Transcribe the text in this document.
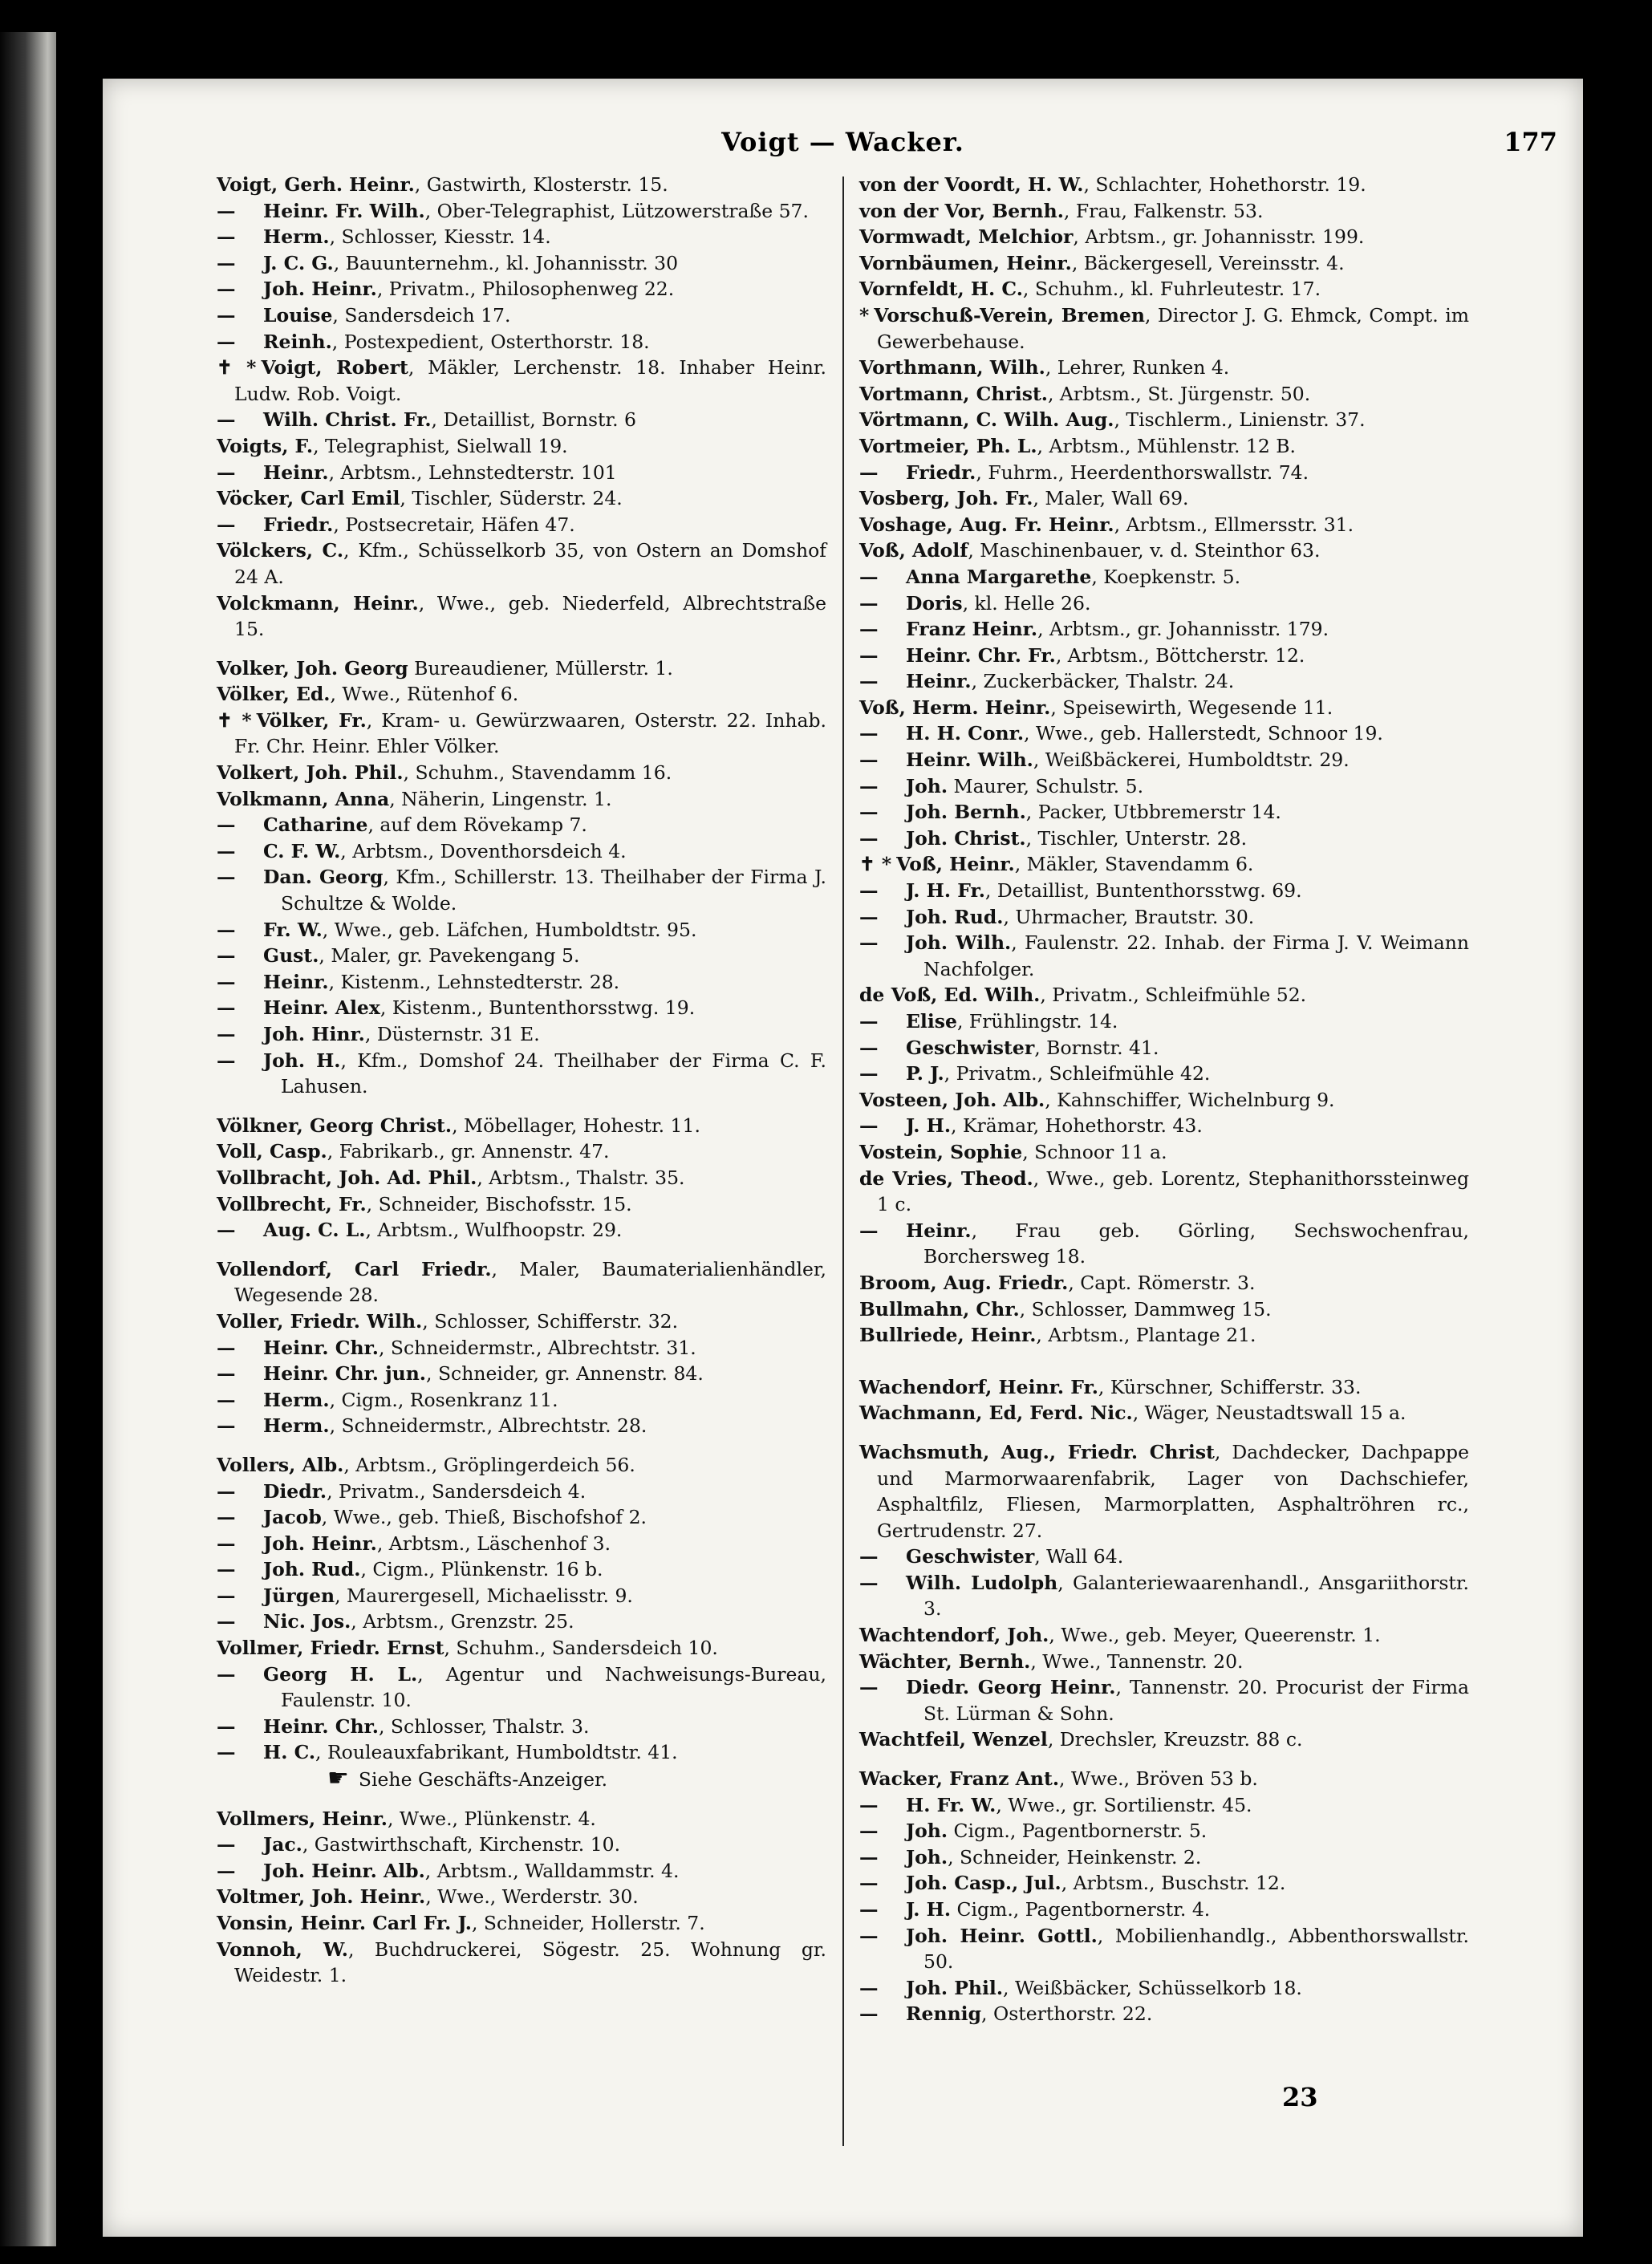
Voigt — Wacker.	177
Voigt, Gerh. Heinr., Gastwirth, Klosterstr. 15.
— Heinr. Fr. Wilh., Ober-Telegraphist, Lützowerstraße 57.
— Herm., Schlosser, Kiesstr. 14.
— J. C. G., Bauunternehm., kl. Johannisstr. 30
— Joh. Heinr., Privatm., Philosophenweg 22.
— Louise, Sandersdeich 17.
— Reinh., Postexpedient, Osterthorstr. 18.
✝ * Voigt, Robert, Mäkler, Lerchenstr. 18. Inhaber Heinr. Ludw. Rob. Voigt.
— Wilh. Christ. Fr., Detaillist, Bornstr. 6
Voigts, F., Telegraphist, Sielwall 19.
— Heinr., Arbtsm., Lehnstedterstr. 101
Vöcker, Carl Emil, Tischler, Süderstr. 24.
— Friedr., Postsecretair, Häfen 47.
Völckers, C., Kfm., Schüsselkorb 35, von Ostern an Domshof 24 A.
Volckmann, Heinr., Wwe., geb. Niederfeld, Albrechtstraße 15.
Volker, Joh. Georg Bureaudiener, Müllerstr. 1.
Völker, Ed., Wwe., Rütenhof 6.
✝ * Völker, Fr., Kram- u. Gewürzwaaren, Osterstr. 22. Inhab. Fr. Chr. Heinr. Ehler Völker.
Volkert, Joh. Phil., Schuhm., Stavendamm 16.
Volkmann, Anna, Näherin, Lingenstr. 1.
— Catharine, auf dem Rövekamp 7.
— C. F. W., Arbtsm., Doventhorsdeich 4.
— Dan. Georg, Kfm., Schillerstr. 13. Theilhaber der Firma J. Schultze & Wolde.
— Fr. W., Wwe., geb. Läfchen, Humboldtstr. 95.
— Gust., Maler, gr. Pavekengang 5.
— Heinr., Kistenm., Lehnstedterstr. 28.
— Heinr. Alex, Kistenm., Buntenthorsstwg. 19.
— Joh. Hinr., Düsternstr. 31 E.
— Joh. H., Kfm., Domshof 24. Theilhaber der Firma C. F. Lahusen.
Völkner, Georg Christ., Möbellager, Hohestr. 11.
Voll, Casp., Fabrikarb., gr. Annenstr. 47.
Vollbracht, Joh. Ad. Phil., Arbtsm., Thalstr. 35.
Vollbrecht, Fr., Schneider, Bischofsstr. 15.
— Aug. C. L., Arbtsm., Wulfhoopstr. 29.
Vollendorf, Carl Friedr., Maler, Baumaterialienhändler, Wegesende 28.
Voller, Friedr. Wilh., Schlosser, Schifferstr. 32.
— Heinr. Chr., Schneidermstr., Albrechtstr. 31.
— Heinr. Chr. jun., Schneider, gr. Annenstr. 84.
— Herm., Cigm., Rosenkranz 11.
— Herm., Schneidermstr., Albrechtstr. 28.
Vollers, Alb., Arbtsm., Gröplingerdeich 56.
— Diedr., Privatm., Sandersdeich 4.
— Jacob, Wwe., geb. Thieß, Bischofshof 2.
— Joh. Heinr., Arbtsm., Läschenhof 3.
— Joh. Rud., Cigm., Plünkenstr. 16 b.
— Jürgen, Maurergesell, Michaelisstr. 9.
— Nic. Jos., Arbtsm., Grenzstr. 25.
Vollmer, Friedr. Ernst, Schuhm., Sandersdeich 10.
— Georg H. L., Agentur und Nachweisungs-Bureau, Faulenstr. 10.
— Heinr. Chr., Schlosser, Thalstr. 3.
— H. C., Rouleauxfabrikant, Humboldtstr. 41.
☛ Siehe Geschäfts-Anzeiger.
Vollmers, Heinr., Wwe., Plünkenstr. 4.
— Jac., Gastwirthschaft, Kirchenstr. 10.
— Joh. Heinr. Alb., Arbtsm., Walldammstr. 4.
Voltmer, Joh. Heinr., Wwe., Werderstr. 30.
Vonsin, Heinr. Carl Fr. J., Schneider, Hollerstr. 7.
Vonnoh, W., Buchdruckerei, Sögestr. 25. Wohnung gr. Weidestr. 1.
von der Voordt, H. W., Schlachter, Hohethorstr. 19.
von der Vor, Bernh., Frau, Falkenstr. 53.
Vormwadt, Melchior, Arbtsm., gr. Johannisstr. 199.
Vornbäumen, Heinr., Bäckergesell, Vereinsstr. 4.
Vornfeldt, H. C., Schuhm., kl. Fuhrleutestr. 17.
* Vorschuß-Verein, Bremen, Director J. G. Ehmck, Compt. im Gewerbehause.
Vorthmann, Wilh., Lehrer, Runken 4.
Vortmann, Christ., Arbtsm., St. Jürgenstr. 50.
Vörtmann, C. Wilh. Aug., Tischlerm., Linienstr. 37.
Vortmeier, Ph. L., Arbtsm., Mühlenstr. 12 B.
— Friedr., Fuhrm., Heerdenthorswallstr. 74.
Vosberg, Joh. Fr., Maler, Wall 69.
Voshage, Aug. Fr. Heinr., Arbtsm., Ellmersstr. 31.
Voß, Adolf, Maschinenbauer, v. d. Steinthor 63.
— Anna Margarethe, Koepkenstr. 5.
— Doris, kl. Helle 26.
— Franz Heinr., Arbtsm., gr. Johannisstr. 179.
— Heinr. Chr. Fr., Arbtsm., Böttcherstr. 12.
— Heinr., Zuckerbäcker, Thalstr. 24.
Voß, Herm. Heinr., Speisewirth, Wegesende 11.
— H. H. Conr., Wwe., geb. Hallerstedt, Schnoor 19.
— Heinr. Wilh., Weißbäckerei, Humboldtstr. 29.
— Joh. Maurer, Schulstr. 5.
— Joh. Bernh., Packer, Utbbremerstr 14.
— Joh. Christ., Tischler, Unterstr. 28.
✝ * Voß, Heinr., Mäkler, Stavendamm 6.
— J. H. Fr., Detaillist, Buntenthorsstwg. 69.
— Joh. Rud., Uhrmacher, Brautstr. 30.
— Joh. Wilh., Faulenstr. 22. Inhab. der Firma J. V. Weimann Nachfolger.
de Voß, Ed. Wilh., Privatm., Schleifmühle 52.
— Elise, Frühlingstr. 14.
— Geschwister, Bornstr. 41.
— P. J., Privatm., Schleifmühle 42.
Vosteen, Joh. Alb., Kahnschiffer, Wichelnburg 9.
— J. H., Krämar, Hohethorstr. 43.
Vostein, Sophie, Schnoor 11 a.
de Vries, Theod., Wwe., geb. Lorentz, Stephanithorssteinweg 1 c.
— Heinr., Frau geb. Görling, Sechswochenfrau, Borchersweg 18.
Broom, Aug. Friedr., Capt. Römerstr. 3.
Bullmahn, Chr., Schlosser, Dammweg 15.
Bullriede, Heinr., Arbtsm., Plantage 21.
Wachendorf, Heinr. Fr., Kürschner, Schifferstr. 33.
Wachmann, Ed, Ferd. Nic., Wäger, Neustadtswall 15 a.
Wachsmuth, Aug., Friedr. Christ, Dachdecker, Dachpappe und Marmorwaarenfabrik, Lager von Dachschiefer, Asphaltfilz, Fliesen, Marmorplatten, Asphaltröhren rc., Gertrudenstr. 27.
— Geschwister, Wall 64.
— Wilh. Ludolph, Galanteriewaarenhandl., Ansgariithorstr. 3.
Wachtendorf, Joh., Wwe., geb. Meyer, Queerenstr. 1.
Wächter, Bernh., Wwe., Tannenstr. 20.
— Diedr. Georg Heinr., Tannenstr. 20. Procurist der Firma St. Lürman & Sohn.
Wachtfeil, Wenzel, Drechsler, Kreuzstr. 88 c.
Wacker, Franz Ant., Wwe., Bröven 53 b.
— H. Fr. W., Wwe., gr. Sortilienstr. 45.
— Joh. Cigm., Pagentbornerstr. 5.
— Joh., Schneider, Heinkenstr. 2.
— Joh. Casp., Jul., Arbtsm., Buschstr. 12.
— J. H. Cigm., Pagentbornerstr. 4.
— Joh. Heinr. Gottl., Mobilienhandlg., Abbenthorswallstr. 50.
— Joh. Phil., Weißbäcker, Schüsselkorb 18.
— Rennig, Osterthorstr. 22.
23
